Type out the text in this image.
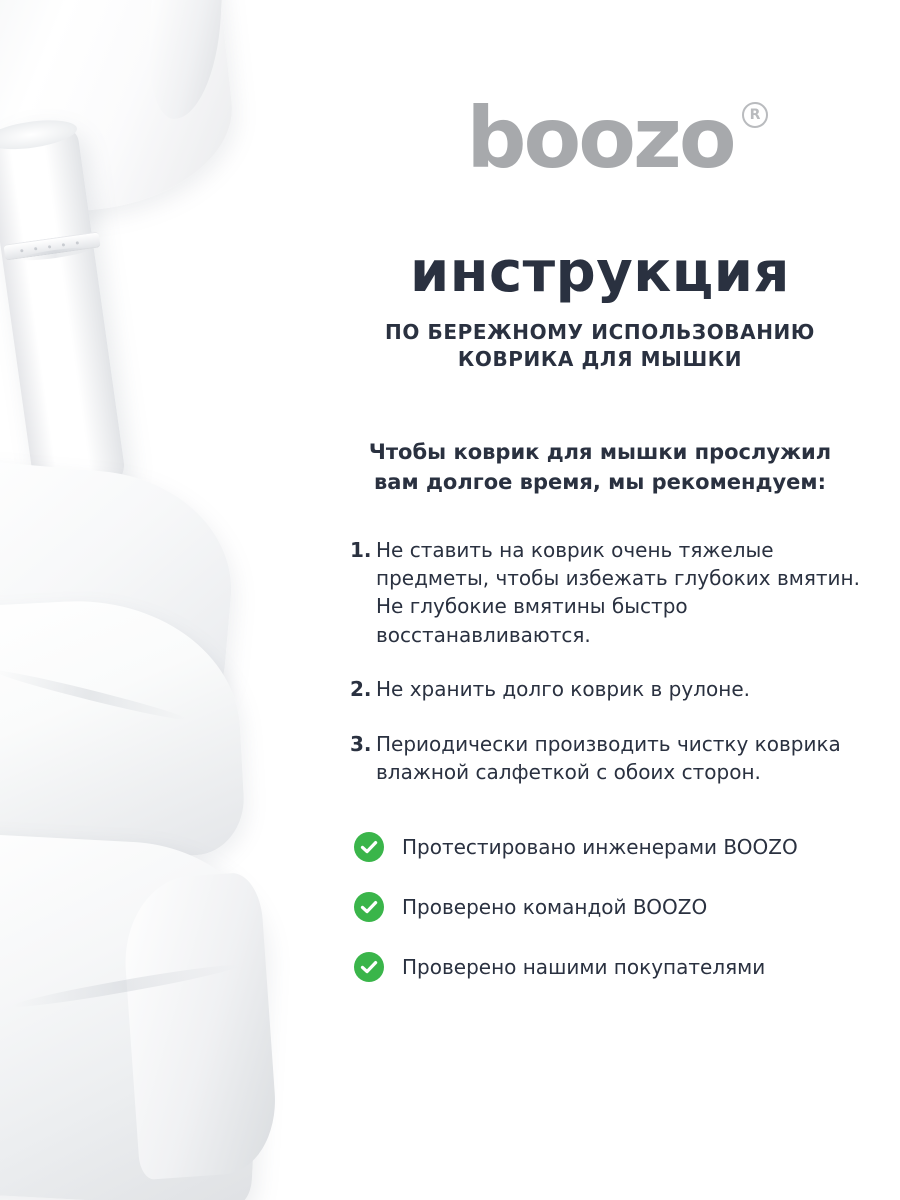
boozo	R
инструкция
ПО БЕРЕЖНОМУ ИСПОЛЬЗОВАНИЮ
КОВРИКА ДЛЯ МЫШКИ

Чтобы коврик для мышки прослужил вам долгое время, мы рекомендуем:

1. Не ставить на коврик очень тяжелые предметы, чтобы избежать глубоких вмятин. Не глубокие вмятины быстро восстанавливаются.
2. Не хранить долго коврик в рулоне.
3. Периодически производить чистку коврика влажной салфеткой с обоих сторон.
Протестировано инженерами BOOZO
Проверено командой BOOZO
Проверено нашими покупателями
